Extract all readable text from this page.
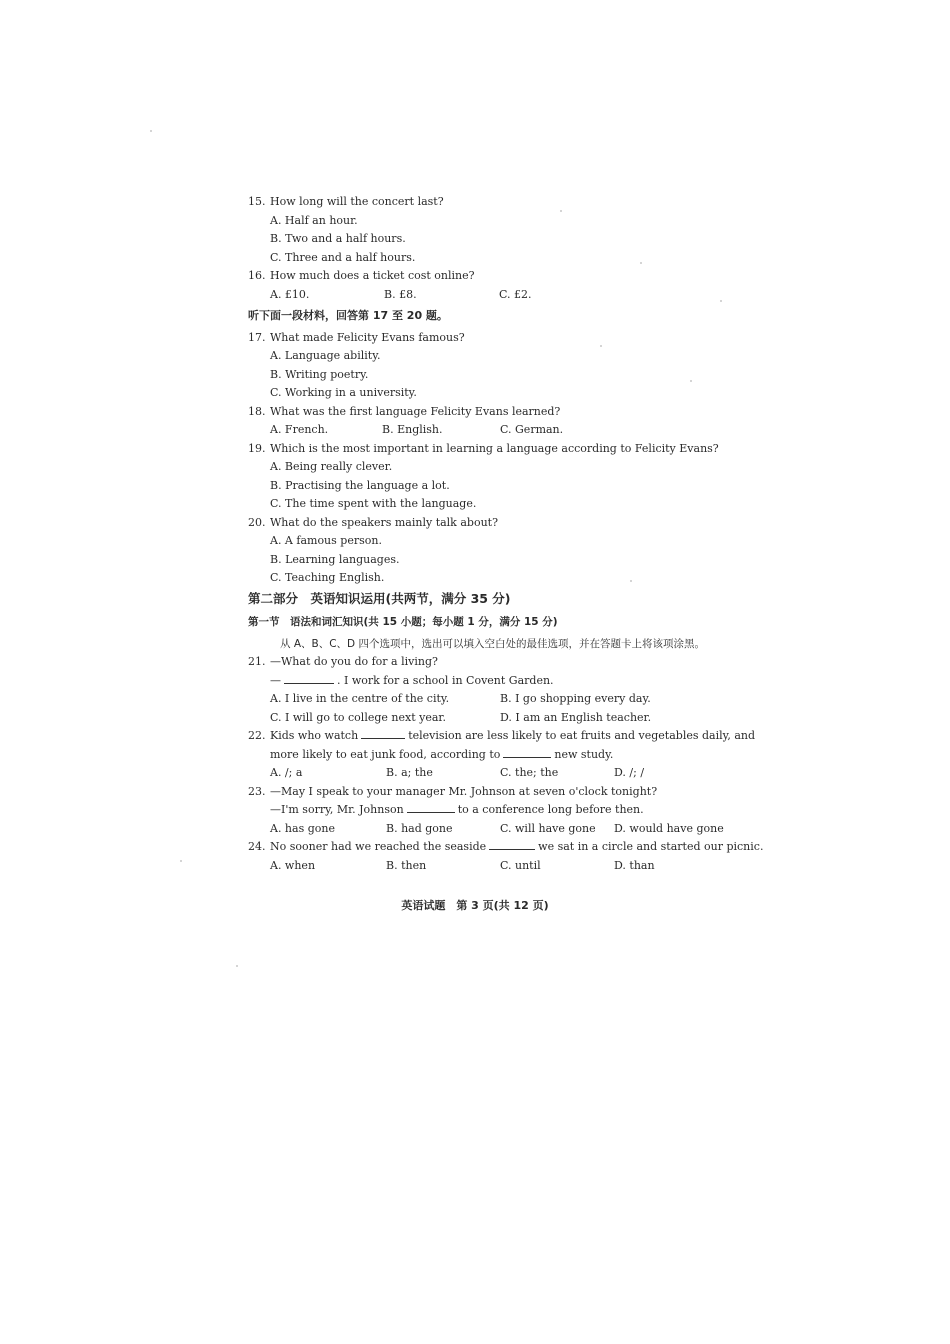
15. How long will the concert last?
A. Half an hour.
B. Two and a half hours.
C. Three and a half hours.
16. How much does a ticket cost online?
A. £10.	B. £8.	C. £2.
听下面一段材料，回答第 17 至 20 题。
17. What made Felicity Evans famous?
A. Language ability.
B. Writing poetry.
C. Working in a university.
18. What was the first language Felicity Evans learned?
A. French.	B. English.	C. German.
19. Which is the most important in learning a language according to Felicity Evans?
A. Being really clever.
B. Practising the language a lot.
C. The time spent with the language.
20. What do the speakers mainly talk about?
A. A famous person.
B. Learning languages.
C. Teaching English.
第二部分　英语知识运用(共两节，满分 35 分)
第一节　语法和词汇知识(共 15 小题；每小题 1 分，满分 15 分)
从 A、B、C、D 四个选项中，选出可以填入空白处的最佳选项，并在答题卡上将该项涂黑。
21. —What do you do for a living?
—	. I work for a school in Covent Garden.
A. I live in the centre of the city.	B. I go shopping every day.
C. I will go to college next year.	D. I am an English teacher.
22. Kids who watch	television are less likely to eat fruits and vegetables daily, and
more likely to eat junk food, according to	new study.
A. /; a	B. a; the	C. the; the	D. /; /
23. —May I speak to your manager Mr. Johnson at seven o'clock tonight?
—I'm sorry, Mr. Johnson	to a conference long before then.
A. has gone	B. had gone	C. will have gone D. would have gone
24. No sooner had we reached the seaside	we sat in a circle and started our picnic.
A. when	B. then	C. until	D. than
英语试题　第 3 页(共 12 页)
